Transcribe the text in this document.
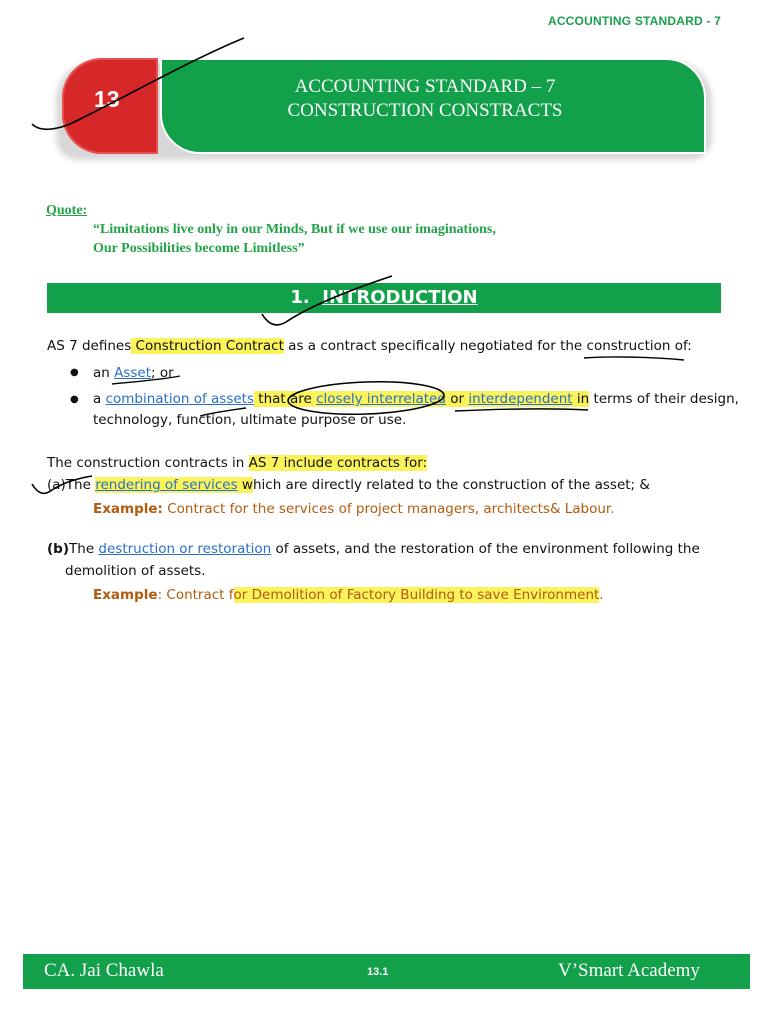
ACCOUNTING STANDARD - 7
13	ACCOUNTING STANDARD – 7
CONSTRUCTION CONSTRACTS
Quote:
“Limitations live only in our Minds, But if we use our imaginations,
Our Possibilities become Limitless”
1. INTRODUCTION
AS 7 defines Construction Contract as a contract specifically negotiated for the construction of:
● an Asset; or
● a combination of assets that are closely interrelated or interdependent in terms of their design,
technology, function, ultimate purpose or use.
The construction contracts in AS 7 include contracts for:
(a)The rendering of services which are directly related to the construction of the asset; &
Example: Contract for the services of project managers, architects& Labour.
(b)The destruction or restoration of assets, and the restoration of the environment following the
demolition of assets.
Example: Contract for Demolition of Factory Building to save Environment.
CA. Jai Chawla	13.1	V’Smart Academy
